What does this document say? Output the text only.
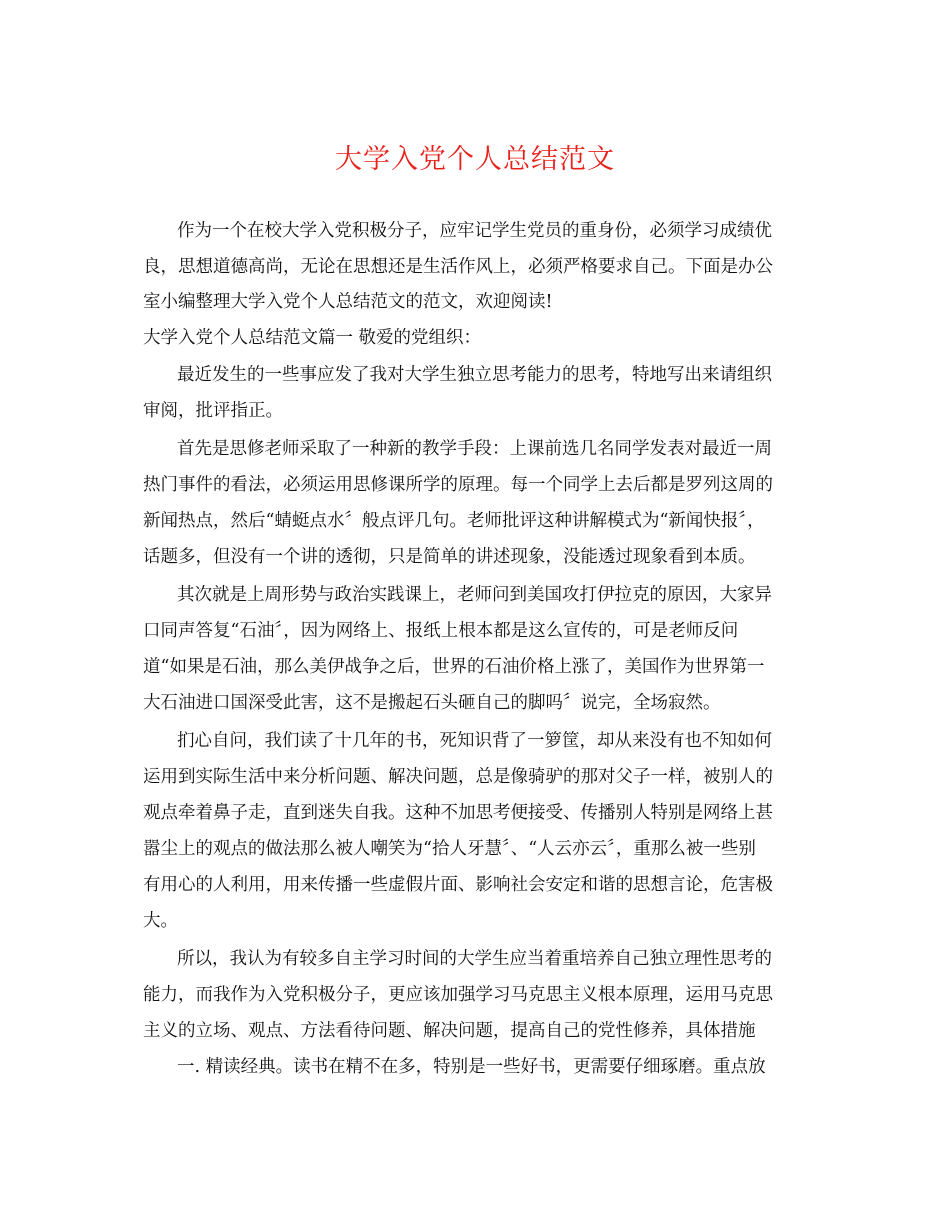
大学入党个人总结范文
作为一个在校大学入党积极分子，应牢记学生党员的重身份，必须学习成绩优
良，思想道德高尚，无论在思想还是生活作风上，必须严格要求自己。下面是办公
室小编整理大学入党个人总结范文的范文，欢迎阅读!
大学入党个人总结范文篇一 敬爱的党组织：
最近发生的一些事应发了我对大学生独立思考能力的思考，特地写出来请组织
审阅，批评指正。
首先是思修老师采取了一种新的教学手段：上课前选几名同学发表对最近一周
热门事件的看法，必须运用思修课所学的原理。每一个同学上去后都是罗列这周的
新闻热点，然后“蜻蜓点水〞般点评几句。老师批评这种讲解模式为“新闻快报〞，
话题多，但没有一个讲的透彻，只是简单的讲述现象，没能透过现象看到本质。
其次就是上周形势与政治实践课上，老师问到美国攻打伊拉克的原因，大家异
口同声答复“石油〞，因为网络上、报纸上根本都是这么宣传的，可是老师反问
道“如果是石油，那么美伊战争之后，世界的石油价格上涨了，美国作为世界第一
大石油进口国深受此害，这不是搬起石头砸自己的脚吗〞说完，全场寂然。
扪心自问，我们读了十几年的书，死知识背了一箩筐，却从来没有也不知如何
运用到实际生活中来分析问题、解决问题，总是像骑驴的那对父子一样，被别人的
观点牵着鼻子走，直到迷失自我。这种不加思考便接受、传播别人特别是网络上甚
嚣尘上的观点的做法那么被人嘲笑为“拾人牙慧〞、“人云亦云〞，重那么被一些别
有用心的人利用，用来传播一些虚假片面、影响社会安定和谐的思想言论，危害极
大。
所以，我认为有较多自主学习时间的大学生应当着重培养自己独立理性思考的
能力，而我作为入党积极分子，更应该加强学习马克思主义根本原理，运用马克思
主义的立场、观点、方法看待问题、解决问题，提高自己的党性修养，具体措施
一. 精读经典。读书在精不在多，特别是一些好书，更需要仔细琢磨。重点放
